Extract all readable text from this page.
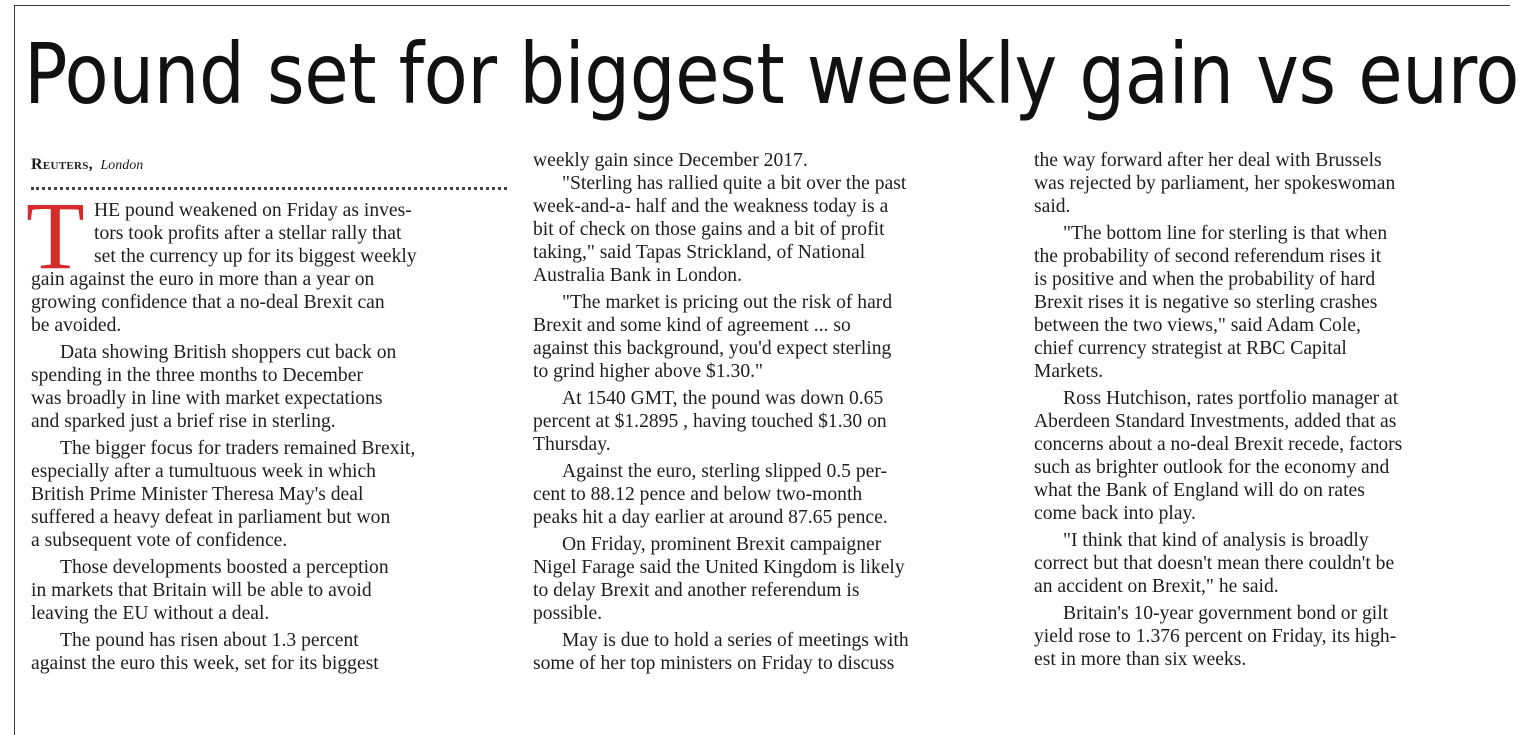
Pound set for biggest weekly gain vs euro
Reuters, London
T HE pound weakened on Friday as inves-

tors took profits after a stellar rally that

set the currency up for its biggest weekly

gain against the euro in more than a year on

growing confidence that a no-deal Brexit can

be avoided.

Data showing British shoppers cut back on

spending in the three months to December

was broadly in line with market expectations

and sparked just a brief rise in sterling.

The bigger focus for traders remained Brexit,

especially after a tumultuous week in which

British Prime Minister Theresa May's deal

suffered a heavy defeat in parliament but won

a subsequent vote of confidence.

Those developments boosted a perception

in markets that Britain will be able to avoid

leaving the EU without a deal.

The pound has risen about 1.3 percent

against the euro this week, set for its biggest

weekly gain since December 2017.

"Sterling has rallied quite a bit over the past

week-and-a- half and the weakness today is a

bit of check on those gains and a bit of profit

taking," said Tapas Strickland, of National

Australia Bank in London.

"The market is pricing out the risk of hard

Brexit and some kind of agreement ... so

against this background, you'd expect sterling

to grind higher above $1.30."

At 1540 GMT, the pound was down 0.65

percent at $1.2895 , having touched $1.30 on

Thursday.

Against the euro, sterling slipped 0.5 per-

cent to 88.12 pence and below two-month

peaks hit a day earlier at around 87.65 pence.

On Friday, prominent Brexit campaigner

Nigel Farage said the United Kingdom is likely

to delay Brexit and another referendum is

possible.

May is due to hold a series of meetings with

some of her top ministers on Friday to discuss

the way forward after her deal with Brussels

was rejected by parliament, her spokeswoman

said.

"The bottom line for sterling is that when

the probability of second referendum rises it

is positive and when the probability of hard

Brexit rises it is negative so sterling crashes

between the two views," said Adam Cole,

chief currency strategist at RBC Capital

Markets.

Ross Hutchison, rates portfolio manager at

Aberdeen Standard Investments, added that as

concerns about a no-deal Brexit recede, factors

such as brighter outlook for the economy and

what the Bank of England will do on rates

come back into play.

"I think that kind of analysis is broadly

correct but that doesn't mean there couldn't be

an accident on Brexit," he said.

Britain's 10-year government bond or gilt

yield rose to 1.376 percent on Friday, its high-

est in more than six weeks.
